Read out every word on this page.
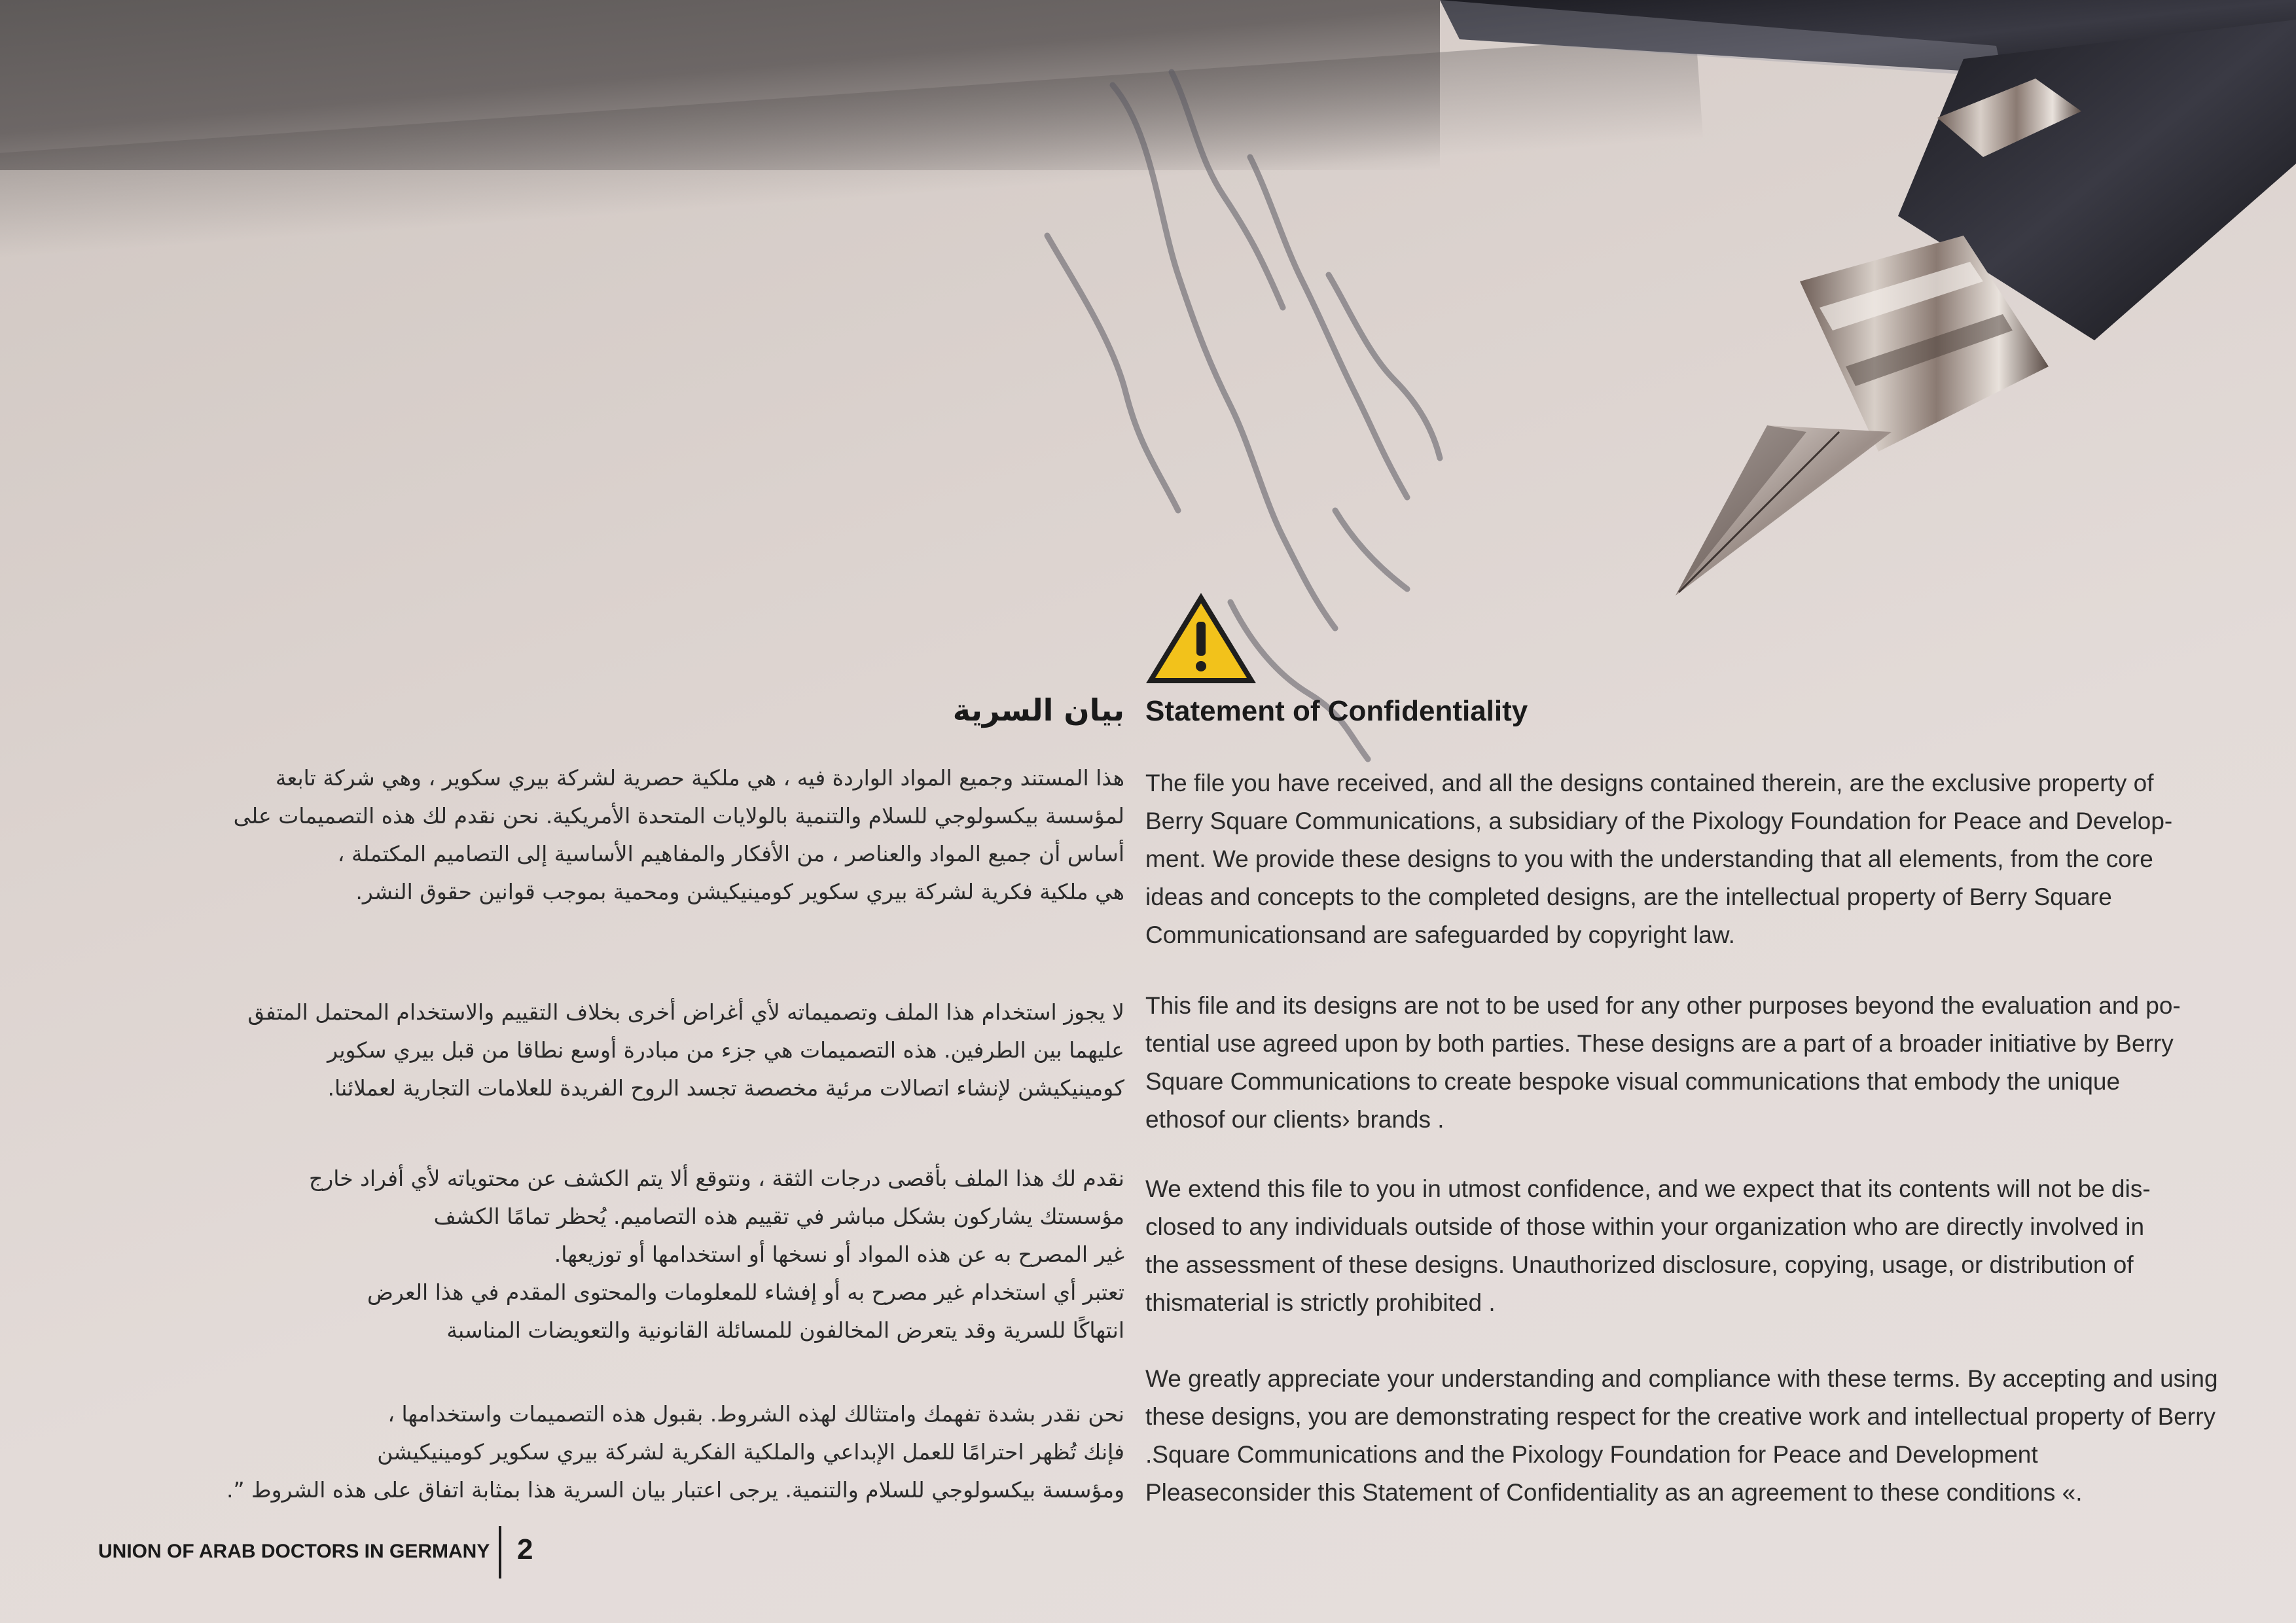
Statement of Confidentiality
بيان السرية
The file you have received, and all the designs contained therein, are the exclusive property of
Berry Square Communications, a subsidiary of the Pixology Foundation for Peace and Develop-
ment. We provide these designs to you with the understanding that all elements, from the core
ideas and concepts to the completed designs, are the intellectual property of Berry Square
Communicationsand are safeguarded by copyright law.
This file and its designs are not to be used for any other purposes beyond the evaluation and po-
tential use agreed upon by both parties. These designs are a part of a broader initiative by Berry
Square Communications to create bespoke visual communications that embody the unique
ethosof our clients› brands .
We extend this file to you in utmost confidence, and we expect that its contents will not be dis-
closed to any individuals outside of those within your organization who are directly involved in
the assessment of these designs. Unauthorized disclosure, copying, usage, or distribution of
thismaterial is strictly prohibited .
We greatly appreciate your understanding and compliance with these terms. By accepting and using
these designs, you are demonstrating respect for the creative work and intellectual property of Berry
.Square Communications and the Pixology Foundation for Peace and Development
Pleaseconsider this Statement of Confidentiality as an agreement to these conditions «.
هذا المستند وجميع المواد الواردة فيه ، هي ملكية حصرية لشركة بيري سكوير ، وهي شركة تابعة
لمؤسسة بيكسولوجي للسلام والتنمية بالولايات المتحدة الأمريكية. نحن نقدم لك هذه التصميمات على
أساس أن جميع المواد والعناصر ، من الأفكار والمفاهيم الأساسية إلى التصاميم المكتملة ،
هي ملكية فكرية لشركة بيري سكوير كومينيكيشن ومحمية بموجب قوانين حقوق النشر.
لا يجوز استخدام هذا الملف وتصميماته لأي أغراض أخرى بخلاف التقييم والاستخدام المحتمل المتفق
عليهما بين الطرفين. هذه التصميمات هي جزء من مبادرة أوسع نطاقا من قبل بيري سكوير
كومينيكيشن لإنشاء اتصالات مرئية مخصصة تجسد الروح الفريدة للعلامات التجارية لعملائنا.
نقدم لك هذا الملف بأقصى درجات الثقة ، ونتوقع ألا يتم الكشف عن محتوياته لأي أفراد خارج
مؤسستك يشاركون بشكل مباشر في تقييم هذه التصاميم. يُحظر تمامًا الكشف
غير المصرح به عن هذه المواد أو نسخها أو استخدامها أو توزيعها.
تعتبر أي استخدام غير مصرح به أو إفشاء للمعلومات والمحتوى المقدم في هذا العرض
انتهاكًا للسرية وقد يتعرض المخالفون للمسائلة القانونية والتعويضات المناسبة
نحن نقدر بشدة تفهمك وامتثالك لهذه الشروط. بقبول هذه التصميمات واستخدامها ،
فإنك تُظهر احترامًا للعمل الإبداعي والملكية الفكرية لشركة بيري سكوير كومينيكيشن
ومؤسسة بيكسولوجي للسلام والتنمية. يرجى اعتبار بيان السرية هذا بمثابة اتفاق على هذه الشروط ”.
UNION OF ARAB DOCTORS IN GERMANY 2
